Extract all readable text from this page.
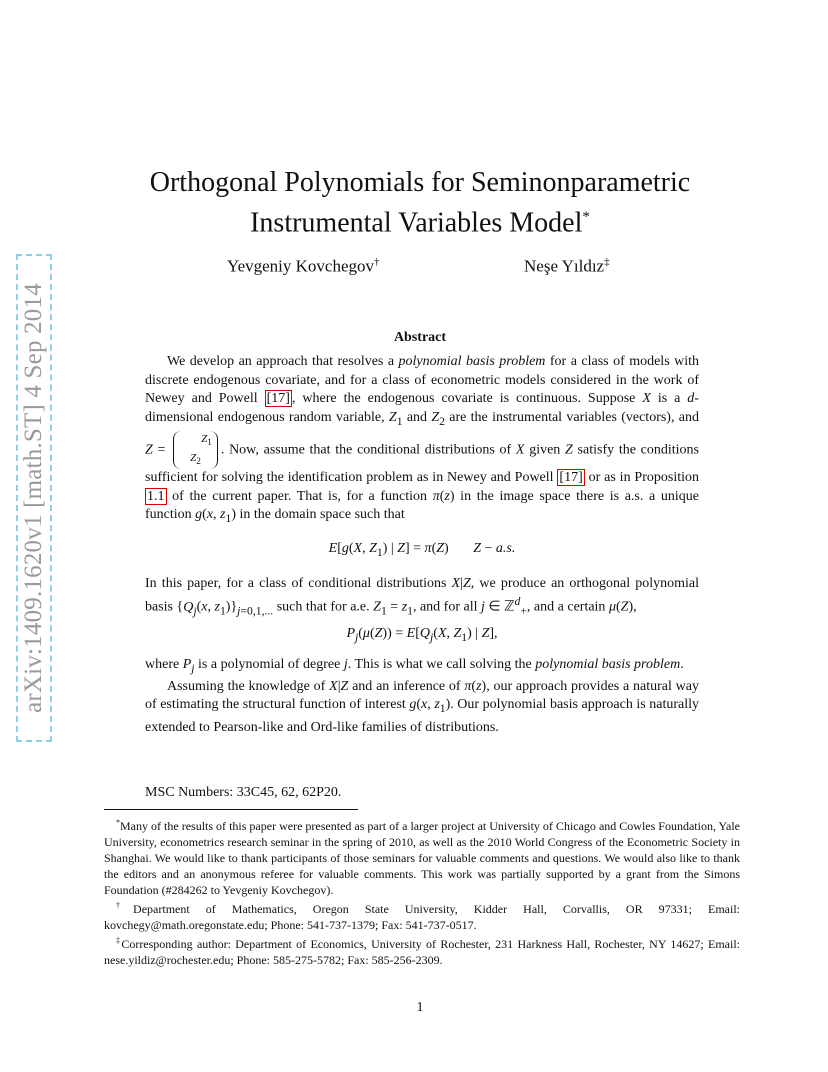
arXiv:1409.1620v1 [math.ST] 4 Sep 2014
Orthogonal Polynomials for Seminonparametric
Instrumental Variables Model*
Yevgeniy Kovchegov†	Neşe Yıldız‡
Abstract

We develop an approach that resolves a polynomial basis problem for a class of models with discrete endogenous covariate, and for a class of econometric models considered in the work of Newey and Powell [17] , where the endogenous covariate is continuous. Suppose X is a d-dimensional endogenous random variable, $Z_1$ and $Z_2$ are the instrumental variables (vectors), and $Z = Z_1$
$Z_2$. Now, assume that the conditional distributions of X given Z satisfy the conditions sufficient for solving the identification problem as in Newey and Powell [17] or as in Proposition 1.1 of the current paper. That is, for a function π(z) in the image space there is a.s. a unique function g(x, $z_1$) in the domain space such that

E[g(X, $Z_1$) | Z] = π(Z)       Z − a.s.

In this paper, for a class of conditional distributions X|Z, we produce an orthogonal polynomial basis {$Q_j(x$, $z_1)\}_{j=0,1,...}$ such that for a.e. $Z_1 = z_1$, and for all j ∈ ℤ$^d_+$, and a certain μ(Z),

$P_j(\mu(Z)) = E[Q_j(X$, $Z_1$) | Z],

where $P_j$ is a polynomial of degree j. This is what we call solving the polynomial basis problem.

Assuming the knowledge of X|Z and an inference of π(z), our approach provides a natural way of estimating the structural function of interest g(x, $z_1$). Our polynomial basis approach is naturally extended to Pearson-like and Ord-like families of distributions.

MSC Numbers: 33C45, 62, 62P20.

*Many of the results of this paper were presented as part of a larger project at University of Chicago and Cowles Foundation, Yale University, econometrics research seminar in the spring of 2010, as well as the 2010 World Congress of the Econometric Society in Shanghai. We would like to thank participants of those seminars for valuable comments and questions. We would also like to thank the editors and an anonymous referee for valuable comments. This work was partially supported by a grant from the Simons Foundation (#284262 to Yevgeniy Kovchegov).

†Department of Mathematics, Oregon State University, Kidder Hall, Corvallis, OR 97331; Email: kovchegy@math.oregonstate.edu; Phone: 541-737-1379; Fax: 541-737-0517.

‡Corresponding author: Department of Economics, University of Rochester, 231 Harkness Hall, Rochester, NY 14627; Email: nese.yildiz@rochester.edu; Phone: 585-275-5782; Fax: 585-256-2309.

1
